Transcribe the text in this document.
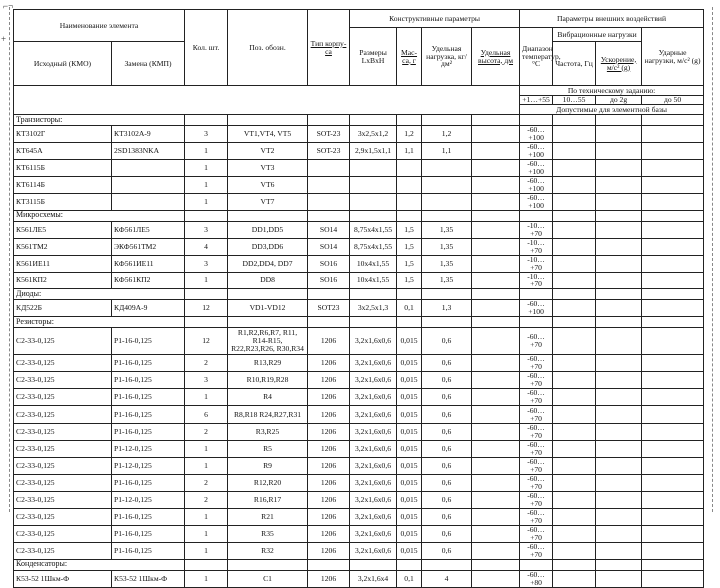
⌐¬
+
Наименование элемента		Кол. шт.	Поз. обозн.	Тип корпу-са	Конструктивные параметры				Параметры внешних воздействий	
					Размеры LxBxH	Мас-са, г	Удельная нагрузка, кг/дм²	Удельная высота, дм	Диапазон температур, °С	Вибрационные нагрузки		Ударные нагрузки, м/с² (g)	
Исходный (КМО)	Замена (КМП)									Частота, Гц	Ускорение, м/с² (g)		
									По техническому заданию:				
									+1…+55	10…55	до 2g	до 50	
									Допустимые для элементной базы				
Транзисторы:													
КТ3102Г	КТ3102А-9	3	VT1,VT4, VT5	SOT-23	3x2,5x1,2	1,2	1,2		-60…+100				
КТ645А	2SD1383NKA	1	VT2	SOT-23	2,9x1,5x1,1	1,1	1,1		-60…+100				
КТ6115Б		1	VT3						-60…+100				
КТ6114Б		1	VT6						-60…+100				
КТ3115Б		1	VT7						-60…+100				
Микросхемы:													
К561ЛЕ5	КФ561ЛЕ5	3	DD1,DD5	SO14	8,75x4x1,55	1,5	1,35		-10…+70				
К561ТМ2	ЭКФ561ТМ2	4	DD3,DD6	SO14	8,75x4x1,55	1,5	1,35		-10…+70				
К561ИЕ11	КФ561ИЕ11	3	DD2,DD4, DD7	SO16	10x4x1,55	1,5	1,35		-10…+70				
К561КП2	КФ561КП2	1	DD8	SO16	10x4x1,55	1,5	1,35		-10…+70				
Диоды:													
КД522Б	КД409А-9	12	VD1-VD12	SOT23	3x2,5x1,3	0,1	1,3		-60…+100				
Резисторы:													
С2-33-0,125	Р1-16-0,125	12	R1,R2,R6,R7, R11, R14-R15, R22,R23,R26, R30,R34	1206	3,2x1,6x0,6	0,015	0,6		-60…+70				
С2-33-0,125	Р1-16-0,125	2	R13,R29	1206	3,2x1,6x0,6	0,015	0,6		-60…+70				
С2-33-0,125	Р1-16-0,125	3	R10,R19,R28	1206	3,2x1,6x0,6	0,015	0,6		-60…+70				
С2-33-0,125	Р1-16-0,125	1	R4	1206	3,2x1,6x0,6	0,015	0,6		-60…+70				
С2-33-0,125	Р1-16-0,125	6	R8,R18 R24,R27,R31	1206	3,2x1,6x0,6	0,015	0,6		-60…+70				
С2-33-0,125	Р1-16-0,125	2	R3,R25	1206	3,2x1,6x0,6	0,015	0,6		-60…+70				
С2-33-0,125	Р1-12-0,125	1	R5	1206	3,2x1,6x0,6	0,015	0,6		-60…+70				
С2-33-0,125	Р1-12-0,125	1	R9	1206	3,2x1,6x0,6	0,015	0,6		-60…+70				
С2-33-0,125	Р1-16-0,125	2	R12,R20	1206	3,2x1,6x0,6	0,015	0,6		-60…+70				
С2-33-0,125	Р1-12-0,125	2	R16,R17	1206	3,2x1,6x0,6	0,015	0,6		-60…+70				
С2-33-0,125	Р1-16-0,125	1	R21	1206	3,2x1,6x0,6	0,015	0,6		-60…+70				
С2-33-0,125	Р1-16-0,125	1	R35	1206	3,2x1,6x0,6	0,015	0,6		-60…+70				
С2-33-0,125	Р1-16-0,125	1	R32	1206	3,2x1,6x0,6	0,015	0,6		-60…+70				
Конденсаторы:													
К53-52 1Шкм-Ф	К53-52 1Шкм-Ф	1	C1	1206	3,2x1,6x4	0,1	4		-60…+80				
